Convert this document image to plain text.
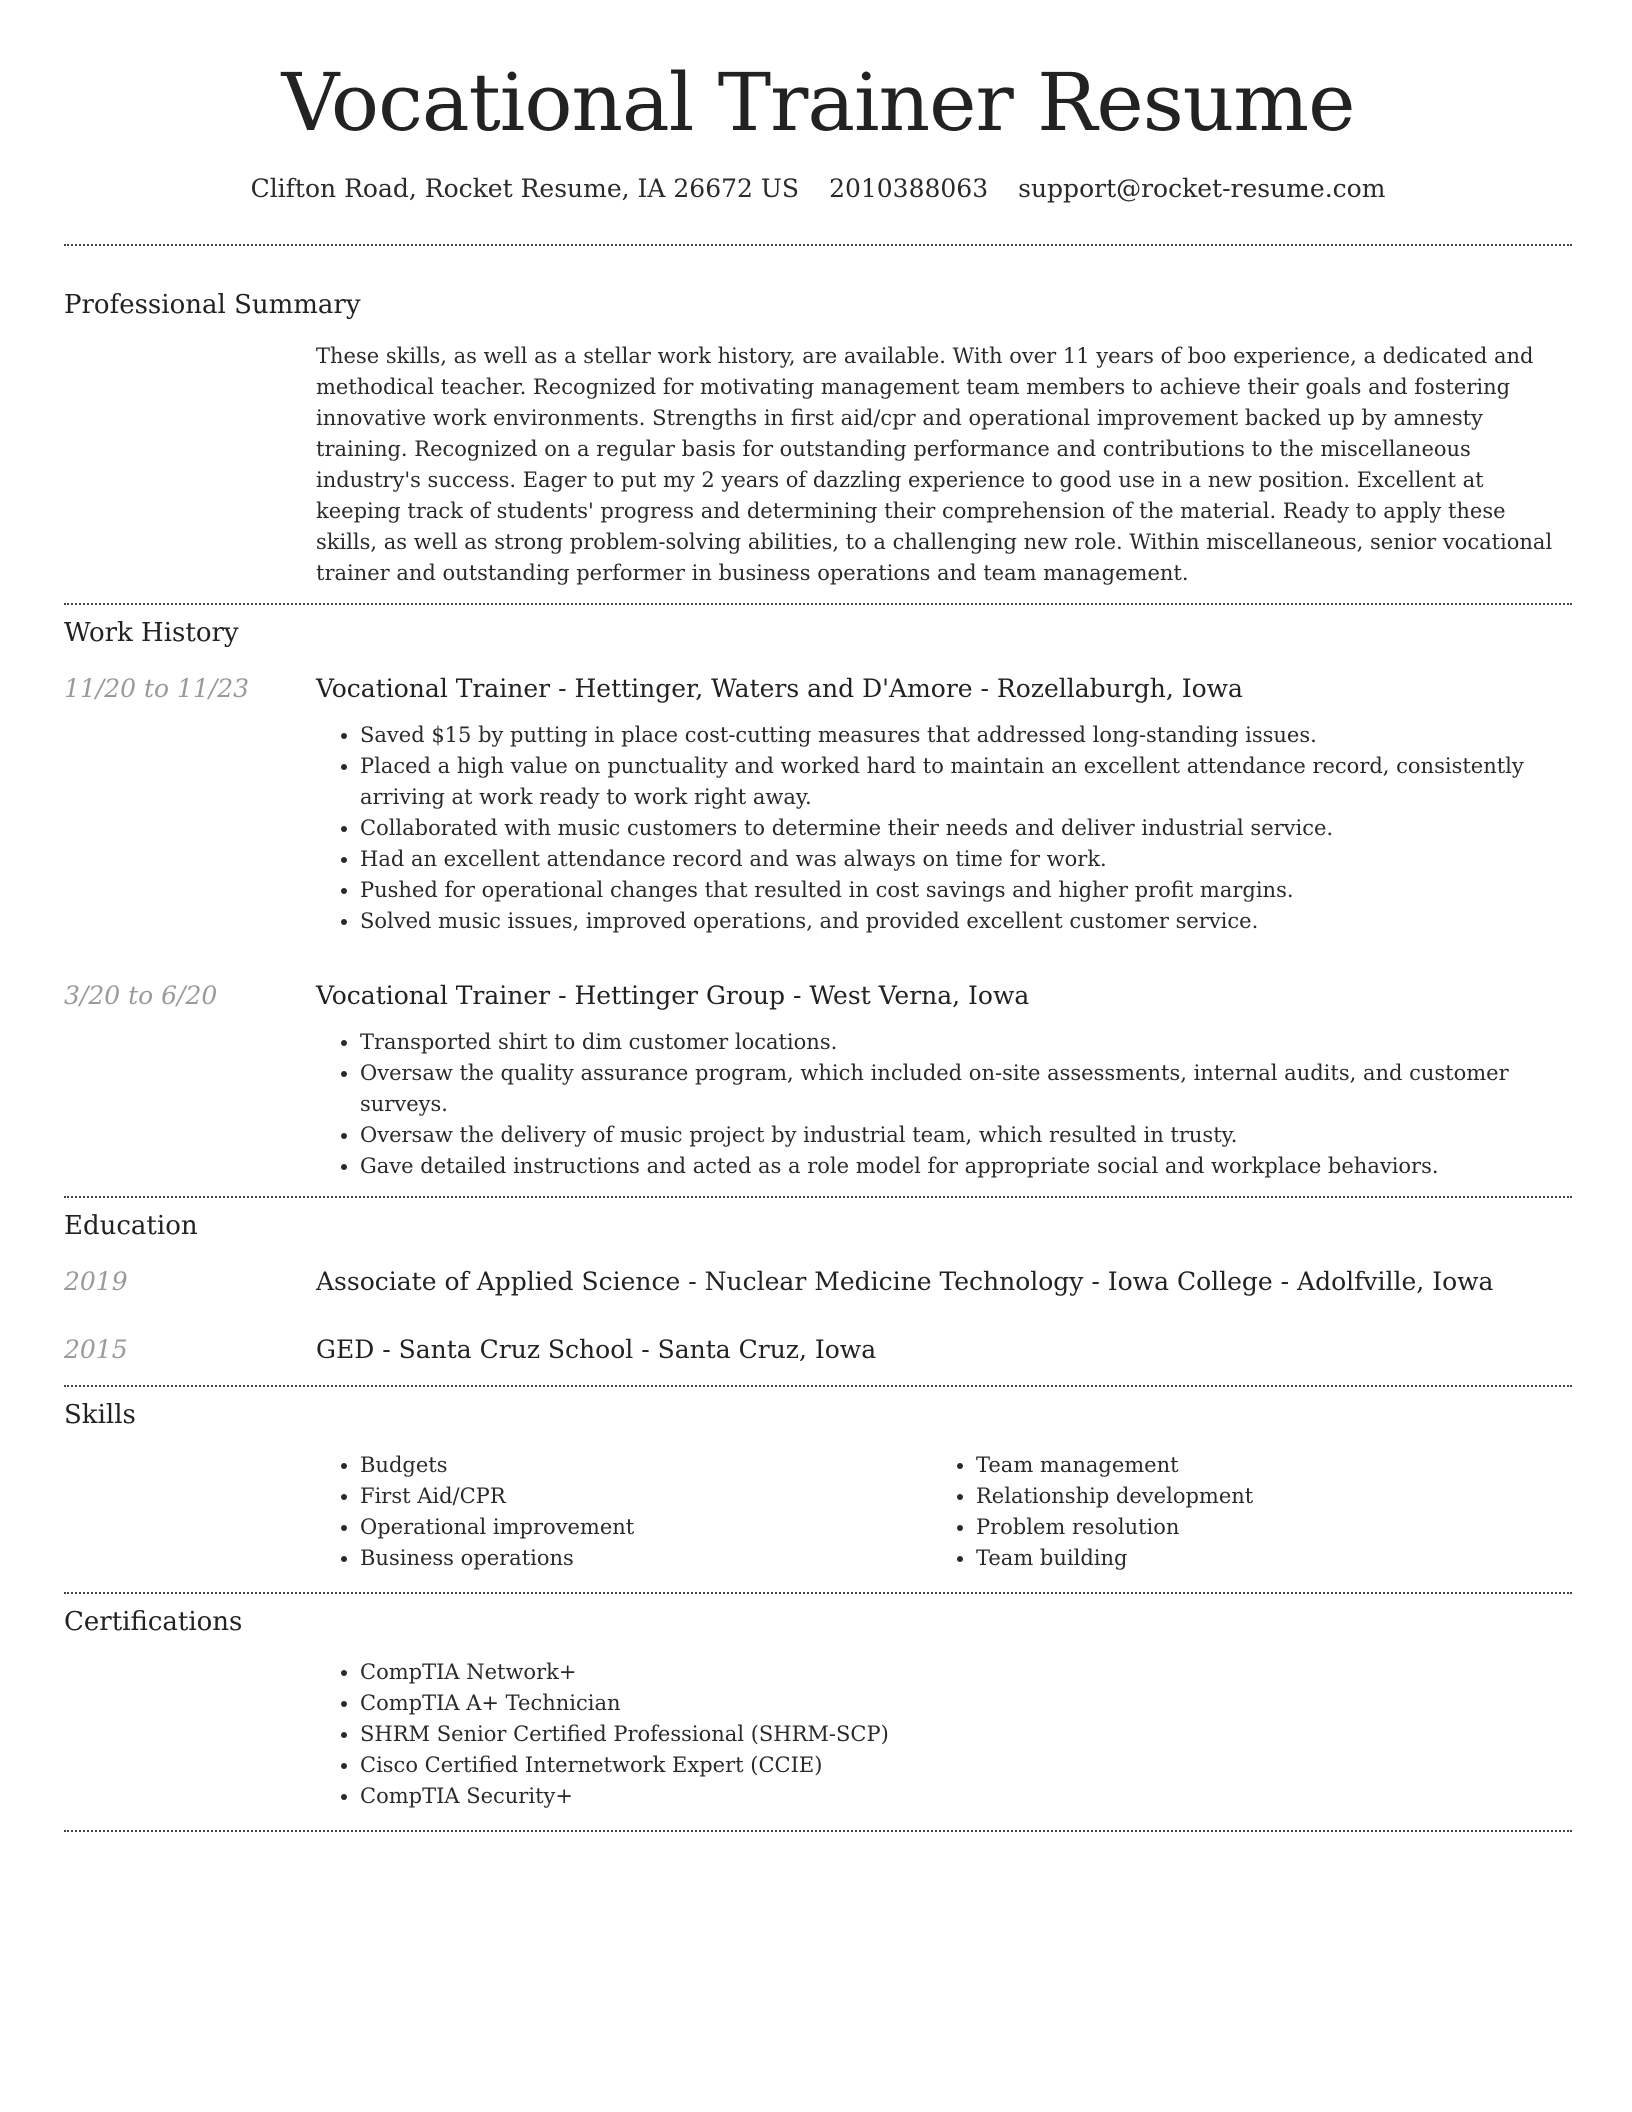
Vocational Trainer Resume
Clifton Road, Rocket Resume, IA 26672 US 2010388063 support@rocket-resume.com
Professional Summary
These skills, as well as a stellar work history, are available. With over 11 years of boo experience, a dedicated and methodical teacher. Recognized for motivating management team members to achieve their goals and fostering innovative work environments. Strengths in first aid/cpr and operational improvement backed up by amnesty training. Recognized on a regular basis for outstanding performance and contributions to the miscellaneous industry's success. Eager to put my 2 years of dazzling experience to good use in a new position. Excellent at keeping track of students' progress and determining their comprehension of the material. Ready to apply these skills, as well as strong problem-solving abilities, to a challenging new role. Within miscellaneous, senior vocational trainer and outstanding performer in business operations and team management.
Work History
11/20 to 11/23	Vocational Trainer - Hettinger, Waters and D'Amore - Rozellaburgh, Iowa
• Saved $15 by putting in place cost-cutting measures that addressed long-standing issues.
• Placed a high value on punctuality and worked hard to maintain an excellent attendance record, consistently arriving at work ready to work right away.
• Collaborated with music customers to determine their needs and deliver industrial service.
• Had an excellent attendance record and was always on time for work.
• Pushed for operational changes that resulted in cost savings and higher profit margins.
• Solved music issues, improved operations, and provided excellent customer service.
3/20 to 6/20	Vocational Trainer - Hettinger Group - West Verna, Iowa
• Transported shirt to dim customer locations.
• Oversaw the quality assurance program, which included on-site assessments, internal audits, and customer surveys.
• Oversaw the delivery of music project by industrial team, which resulted in trusty.
• Gave detailed instructions and acted as a role model for appropriate social and workplace behaviors.
Education
2019	Associate of Applied Science - Nuclear Medicine Technology - Iowa College - Adolfville, Iowa
2015	GED - Santa Cruz School - Santa Cruz, Iowa
Skills
• Budgets
• First Aid/CPR
• Operational improvement
• Business operations
• Team management
• Relationship development
• Problem resolution
• Team building
Certifications
• CompTIA Network+
• CompTIA A+ Technician
• SHRM Senior Certified Professional (SHRM-SCP)
• Cisco Certified Internetwork Expert (CCIE)
• CompTIA Security+
